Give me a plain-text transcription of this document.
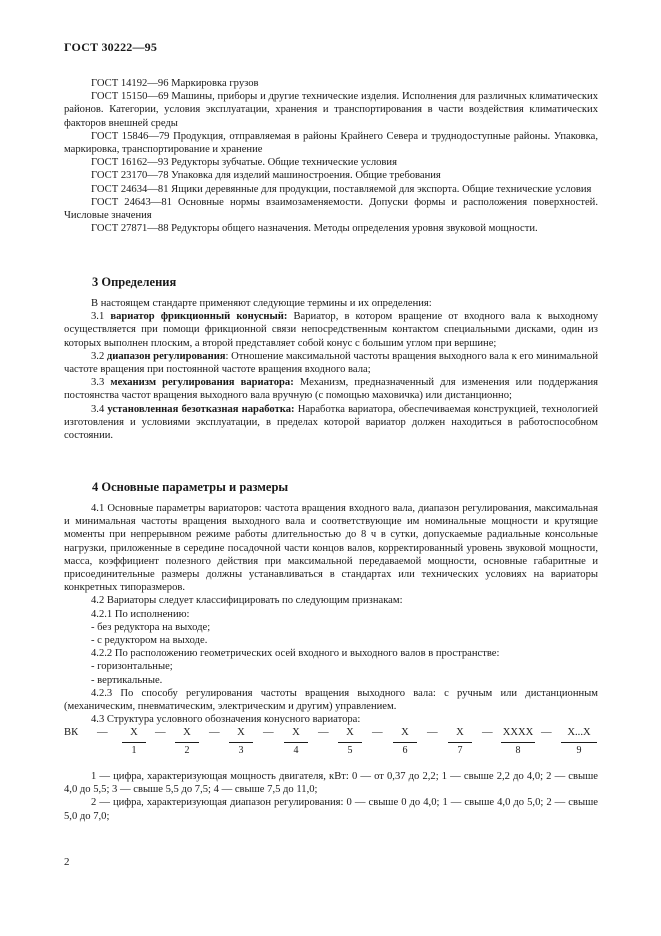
ГОСТ 30222—95

ГОСТ 14192—96 Маркировка грузов

ГОСТ 15150—69 Машины, приборы и другие технические изделия. Исполнения для различных климатических районов. Категории, условия эксплуатации, хранения и транспортирования в части воздействия климатических факторов внешней среды

ГОСТ 15846—79 Продукция, отправляемая в районы Крайнего Севера и труднодоступные районы. Упаковка, маркировка, транспортирование и хранение

ГОСТ 16162—93 Редукторы зубчатые. Общие технические условия

ГОСТ 23170—78 Упаковка для изделий машиностроения. Общие требования

ГОСТ 24634—81 Ящики деревянные для продукции, поставляемой для экспорта. Общие технические условия

ГОСТ 24643—81 Основные нормы взаимозаменяемости. Допуски формы и расположения поверхностей. Числовые значения

ГОСТ 27871—88 Редукторы общего назначения. Методы определения уровня звуковой мощности.

3 Определения

В настоящем стандарте применяют следующие термины и их определения:

3.1 вариатор фрикционный конусный: Вариатор, в котором вращение от входного вала к выходному осуществляется при помощи фрикционной связи непосредственным контактом специальными дисками, один из которых выполнен плоским, а второй представляет собой конус с большим углом при вершине;

3.2 диапазон регулирования: Отношение максимальной частоты вращения выходного вала к его минимальной частоте вращения при постоянной частоте вращения входного вала;

3.3 механизм регулирования вариатора: Механизм, предназначенный для изменения или поддержания постоянства частот вращения выходного вала вручную (с помощью маховичка) или дистанционно;

3.4 установленная безотказная наработка: Наработка вариатора, обеспечиваемая конструкцией, технологией изготовления и условиями эксплуатации, в пределах которой вариатор должен находиться в работоспособном состоянии.

4 Основные параметры и размеры

4.1 Основные параметры вариаторов: частота вращения входного вала, диапазон регулирования, максимальная и минимальная частоты вращения выходного вала и соответствующие им номинальные мощности и крутящие моменты при непрерывном режиме работы длительностью до 8 ч в сутки, допускаемые радиальные консольные нагрузки, приложенные в середине посадочной части концов валов, корректированный уровень звуковой мощности, масса, коэффициент полезного действия при максимальной передаваемой мощности, основные габаритные и присоединительные размеры должны устанавливаться в стандартах или технических условиях на вариаторы конкретных типоразмеров.

4.2 Вариаторы следует классифицировать по следующим признакам:

4.2.1 По исполнению:

- без редуктора на выходе;

- с редуктором на выходе.

4.2.2 По расположению геометрических осей входного и выходного валов в пространстве:

- горизонтальные;

- вертикальные.

4.2.3 По способу регулирования частоты вращения выходного вала: с ручным или дистанционным (механическим, пневматическим, электрическим и другим) управлением.

4.3 Структура условного обозначения конусного вариатора:

ВК —	X
1
—	X
2
—	X
3
—	X
4
—	X
5
—	X
6
—	X
7
— XXXX
8
—	X...X
9

1 — цифра, характеризующая мощность двигателя, кВт: 0 — от 0,37 до 2,2; 1 — свыше 2,2 до 4,0; 2 — свыше 4,0 до 5,5; 3 — свыше 5,5 до 7,5; 4 — свыше 7,5 до 11,0;

2 — цифра, характеризующая диапазон регулирования: 0 — свыше 0 до 4,0; 1 — свыше 4,0 до 5,0; 2 — свыше 5,0 до 7,0;

2
